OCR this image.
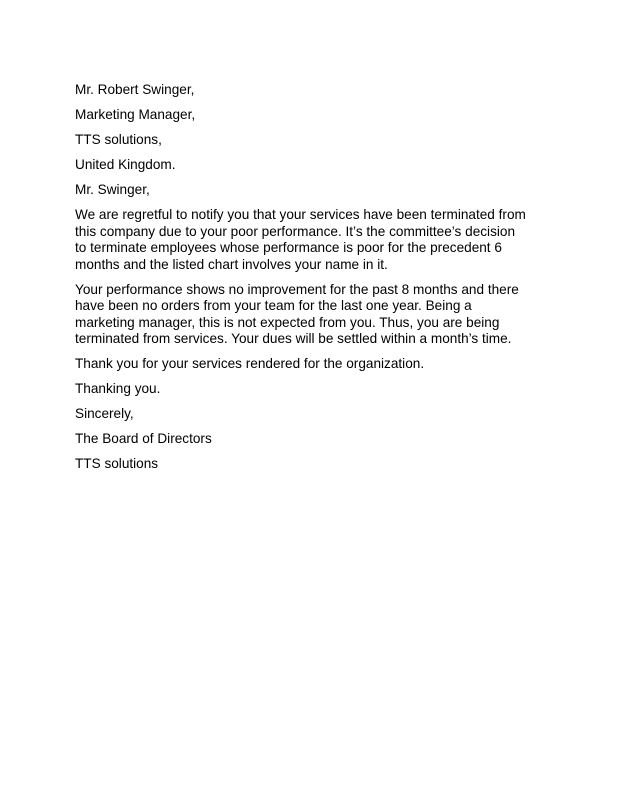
Mr. Robert Swinger,
Marketing Manager,
TTS solutions,
United Kingdom.
Mr. Swinger,
We are regretful to notify you that your services have been terminated from
this company due to your poor performance. It’s the committee’s decision
to terminate employees whose performance is poor for the precedent 6
months and the listed chart involves your name in it.
Your performance shows no improvement for the past 8 months and there
have been no orders from your team for the last one year. Being a
marketing manager, this is not expected from you. Thus, you are being
terminated from services. Your dues will be settled within a month’s time.
Thank you for your services rendered for the organization.
Thanking you.
Sincerely,
The Board of Directors
TTS solutions
